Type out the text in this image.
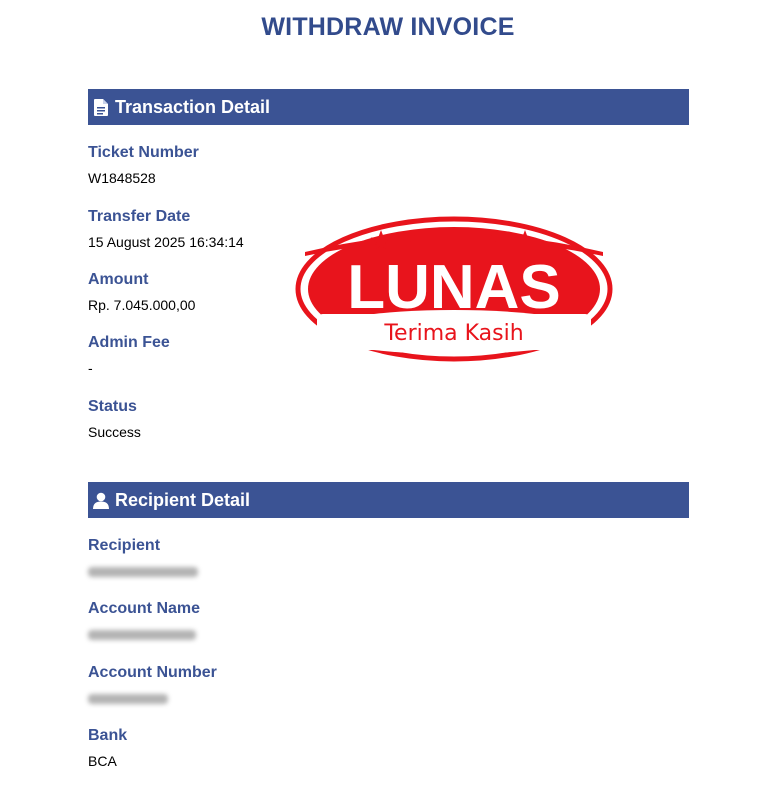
WITHDRAW INVOICE
Transaction Detail
Ticket Number
W1848528
Transfer Date
15 August 2025 16:34:14
Amount
Rp. 7.045.000,00
Admin Fee
-
Status
Success
LUNAS
Terima Kasih
Recipient Detail
Recipient
Account Name
Account Number
Bank
BCA
